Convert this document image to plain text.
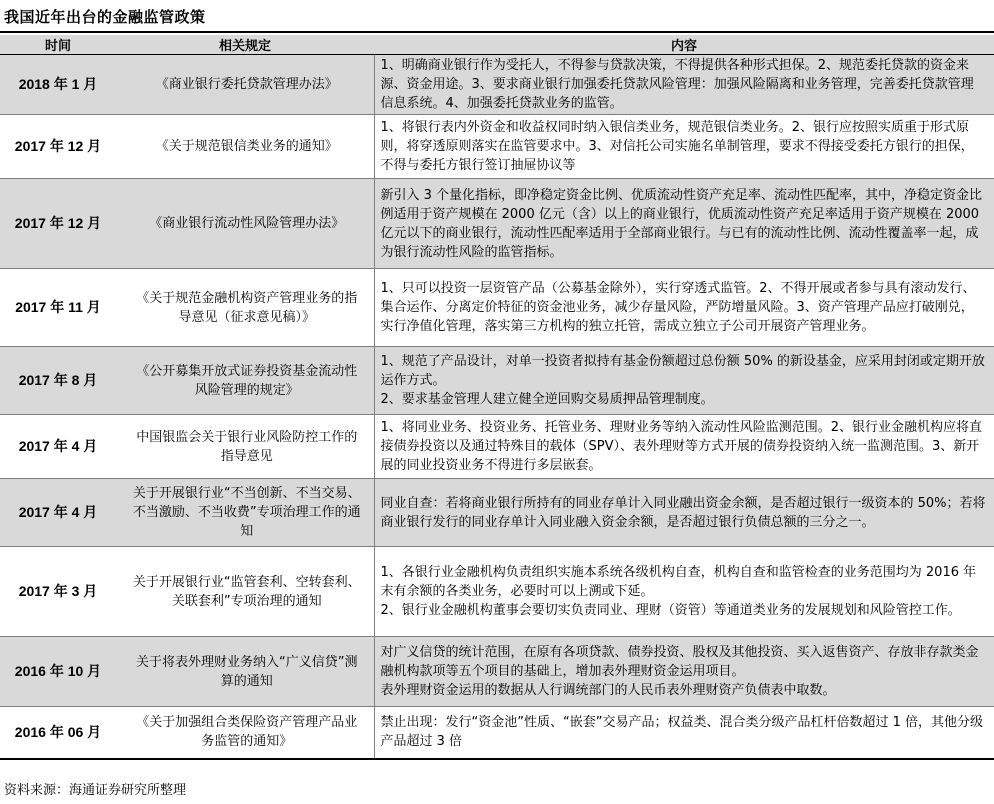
我国近年出台的金融监管政策
时间	相关规定	内容
2018 年 1 月	《商业银行委托贷款管理办法》	1、明确商业银行作为受托人，不得参与贷款决策，不得提供各种形式担保。2、规范委托贷款的资金来源、资金用途。3、要求商业银行加强委托贷款风险管理：加强风险隔离和业务管理，完善委托贷款管理信息系统。4、加强委托贷款业务的监管。
2017 年 12 月	《关于规范银信类业务的通知》	1、将银行表内外资金和收益权同时纳入银信类业务，规范银信类业务。2、银行应按照实质重于形式原则，将穿透原则落实在监管要求中。3、对信托公司实施名单制管理，要求不得接受委托方银行的担保，不得与委托方银行签订抽屉协议等
2017 年 12 月	《商业银行流动性风险管理办法》	新引入 3 个量化指标，即净稳定资金比例、优质流动性资产充足率、流动性匹配率，其中，净稳定资金比例适用于资产规模在 2000 亿元（含）以上的商业银行，优质流动性资产充足率适用于资产规模在 2000 亿元以下的商业银行，流动性匹配率适用于全部商业银行。与已有的流动性比例、流动性覆盖率一起，成为银行流动性风险的监管指标。
2017 年 11 月	《关于规范金融机构资产管理业务的指导意见（征求意见稿）》	1、只可以投资一层资管产品（公募基金除外），实行穿透式监管。2、不得开展或者参与具有滚动发行、集合运作、分离定价特征的资金池业务，减少存量风险，严防增量风险。3、资产管理产品应打破刚兑，实行净值化管理，落实第三方机构的独立托管，需成立独立子公司开展资产管理业务。
2017 年 8 月	《公开募集开放式证券投资基金流动性风险管理的规定》	1、规范了产品设计，对单一投资者拟持有基金份额超过总份额 50% 的新设基金，应采用封闭或定期开放运作方式。
2、要求基金管理人建立健全逆回购交易质押品管理制度。
2017 年 4 月	中国银监会关于银行业风险防控工作的指导意见	1、将同业业务、投资业务、托管业务、理财业务等纳入流动性风险监测范围。2、银行业金融机构应将直接债券投资以及通过特殊目的载体（SPV）、表外理财等方式开展的债券投资纳入统一监测范围。3、新开展的同业投资业务不得进行多层嵌套。
2017 年 4 月	关于开展银行业“不当创新、不当交易、不当激励、不当收费”专项治理工作的通知	同业自查：若将商业银行所持有的同业存单计入同业融出资金余额，是否超过银行一级资本的 50%；若将商业银行发行的同业存单计入同业融入资金余额，是否超过银行负债总额的三分之一。
2017 年 3 月	关于开展银行业“监管套利、空转套利、关联套利”专项治理的通知	1、各银行业金融机构负责组织实施本系统各级机构自查，机构自查和监管检查的业务范围均为 2016 年末有余额的各类业务，必要时可以上溯或下延。
2、银行业金融机构董事会要切实负责同业、理财（资管）等通道类业务的发展规划和风险管控工作。
2016 年 10 月	关于将表外理财业务纳入“广义信贷”测算的通知	对广义信贷的统计范围，在原有各项贷款、债券投资、股权及其他投资、买入返售资产、存放非存款类金融机构款项等五个项目的基础上，增加表外理财资金运用项目。
表外理财资金运用的数据从人行调统部门的人民币表外理财资产负债表中取数。
2016 年 06 月	《关于加强组合类保险资产管理产品业务监管的通知》	禁止出现：发行“资金池”性质、“嵌套”交易产品；权益类、混合类分级产品杠杆倍数超过 1 倍，其他分级产品超过 3 倍
资料来源：海通证券研究所整理
